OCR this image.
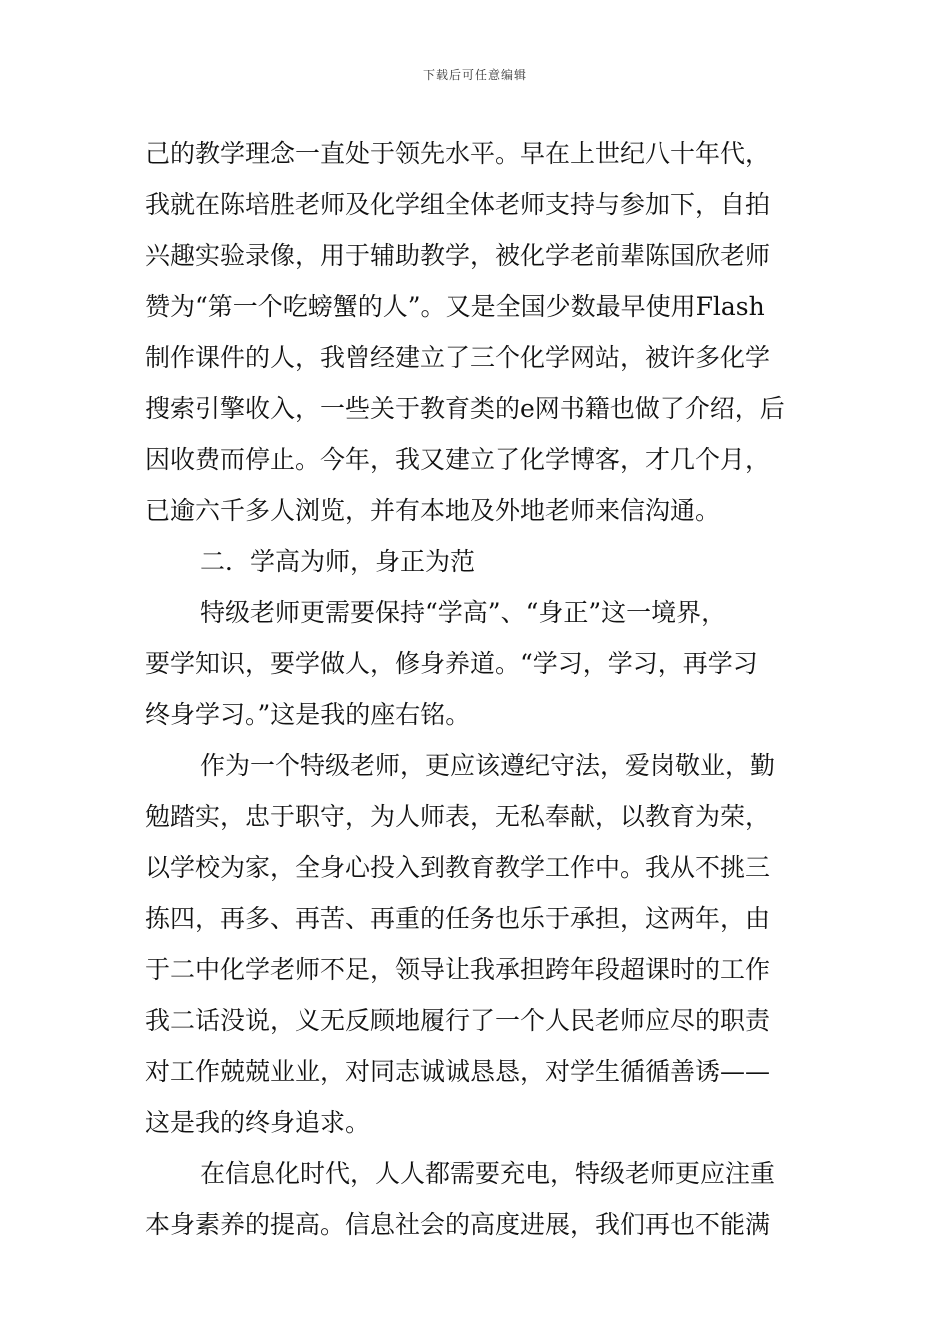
下载后可任意编辑
己的教学理念一直处于领先水平。早在上世纪八十年代，
我就在陈培胜老师及化学组全体老师支持与参加下，自拍
兴趣实验录像，用于辅助教学，被化学老前辈陈国欣老师
赞为“第一个吃螃蟹的人”。又是全国少数最早使用Flash
制作课件的人，我曾经建立了三个化学网站，被许多化学
搜索引擎收入，一些关于教育类的e网书籍也做了介绍，后
因收费而停止。今年，我又建立了化学博客，才几个月，
已逾六千多人浏览，并有本地及外地老师来信沟通。
二．学高为师，身正为范
特级老师更需要保持“学高”、“身正”这一境界，
要学知识，要学做人，修身养道。“学习，学习，再学习
终身学习。”这是我的座右铭。
作为一个特级老师，更应该遵纪守法，爱岗敬业，勤
勉踏实，忠于职守，为人师表，无私奉献，以教育为荣，
以学校为家，全身心投入到教育教学工作中。我从不挑三
拣四，再多、再苦、再重的任务也乐于承担，这两年，由
于二中化学老师不足，领导让我承担跨年段超课时的工作
我二话没说，义无反顾地履行了一个人民老师应尽的职责
对工作兢兢业业，对同志诚诚恳恳，对学生循循善诱——
这是我的终身追求。
在信息化时代，人人都需要充电，特级老师更应注重
本身素养的提高。信息社会的高度进展，我们再也不能满
